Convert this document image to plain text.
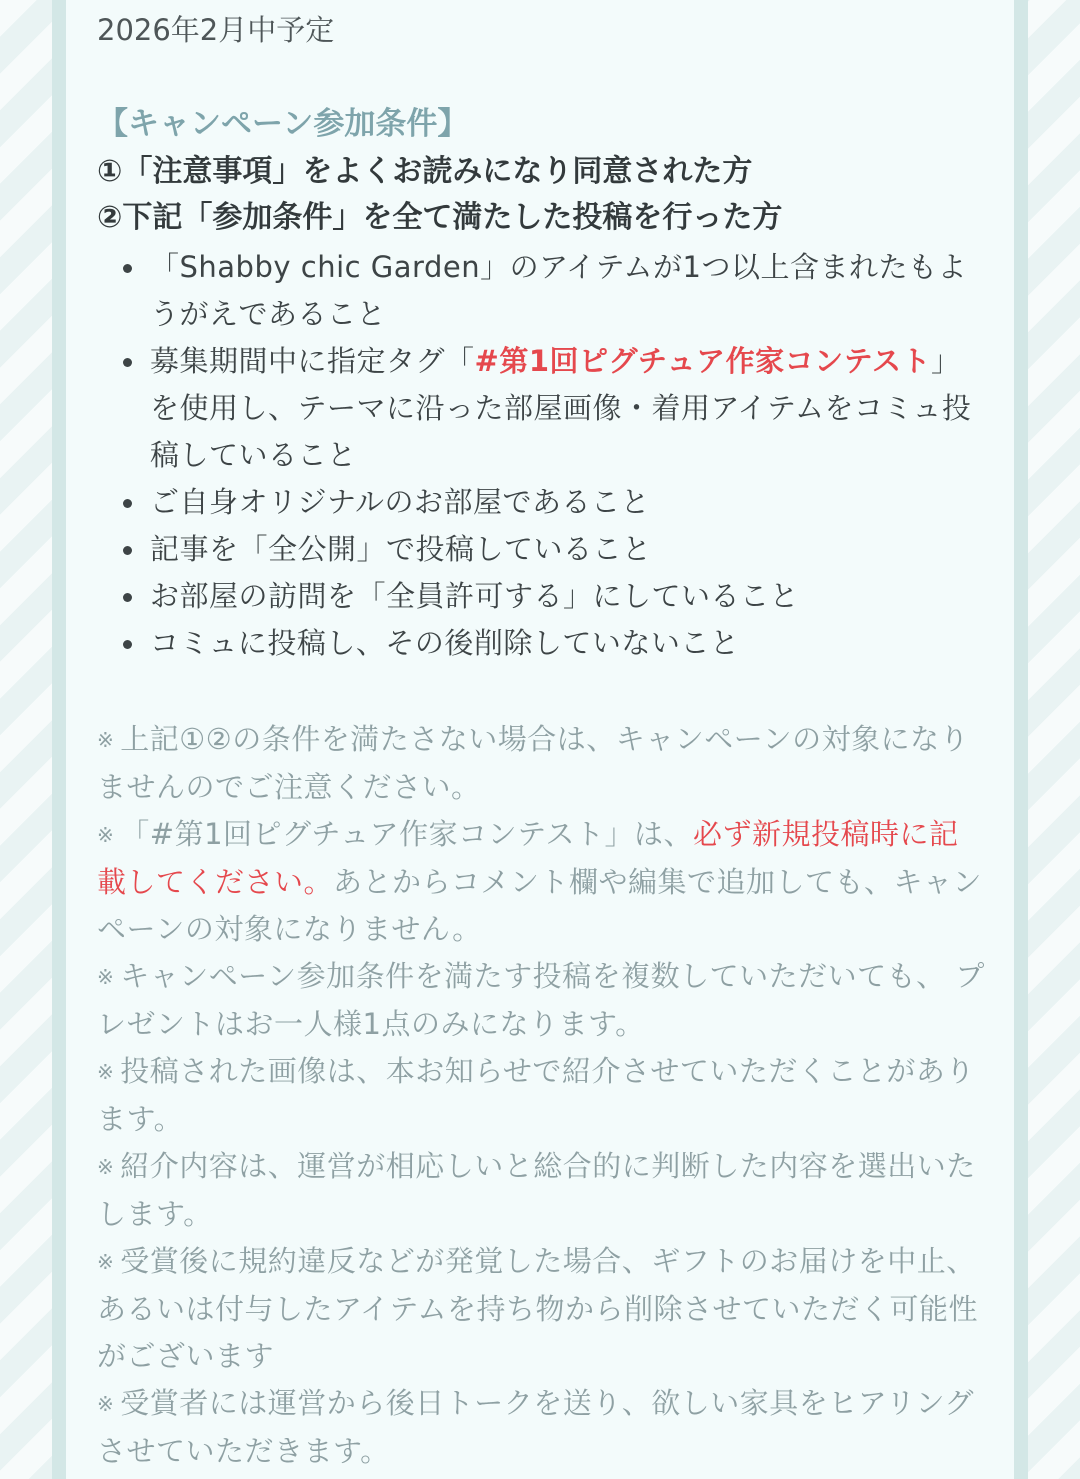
2026年2月中予定
【キャンペーン参加条件】
①「注意事項」をよくお読みになり同意された方
②下記「参加条件」を全て満たした投稿を行った方
「Shabby chic Garden」のアイテムが1つ以上含まれたもようがえであること
募集期間中に指定タグ「#第1回ピグチュア作家コンテスト」を使用し、テーマに沿った部屋画像・着用アイテムをコミュ投稿していること
ご自身オリジナルのお部屋であること
記事を「全公開」で投稿していること
お部屋の訪問を「全員許可する」にしていること
コミュに投稿し、その後削除していないこと
※ 上記①②の条件を満たさない場合は、キャンペーンの対象になりませんのでご注意ください。
※ 「#第1回ピグチュア作家コンテスト」は、必ず新規投稿時に記載してください。あとからコメント欄や編集で追加しても、キャンペーンの対象になりません。
※ キャンペーン参加条件を満たす投稿を複数していただいても、 プレゼントはお一人様1点のみになります。
※ 投稿された画像は、本お知らせで紹介させていただくことがあります。
※ 紹介内容は、運営が相応しいと総合的に判断した内容を選出いたします。
※ 受賞後に規約違反などが発覚した場合、ギフトのお届けを中止、あるいは付与したアイテムを持ち物から削除させていただく可能性がございます
※ 受賞者には運営から後日トークを送り、欲しい家具をヒアリングさせていただきます。
